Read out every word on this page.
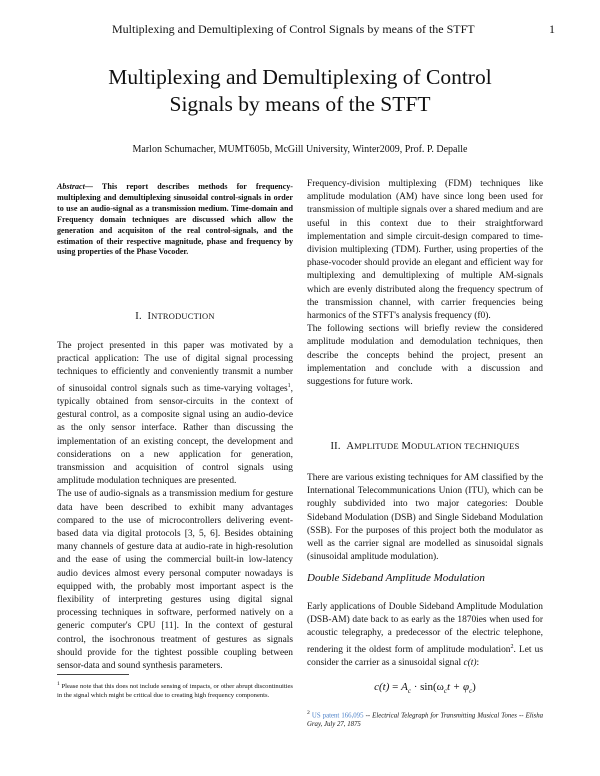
Multiplexing and Demultiplexing of Control Signals by means of the STFT	1
Multiplexing and Demultiplexing of Control
Signals by means of the STFT
Marlon Schumacher, MUMT605b, McGill University, Winter2009, Prof. P. Depalle
Abstract— This report describes methods for frequency-multiplexing and demultiplexing sinusoidal control-signals in order to use an audio-signal as a transmission medium. Time-domain and Frequency domain techniques are discussed which allow the generation and acquisiton of the real control-signals, and the estimation of their respective magnitude, phase and frequency by using properties of the Phase Vocoder.
I. INTRODUCTION

The project presented in this paper was motivated by a practical application: The use of digital signal processing techniques to efficiently and conveniently transmit a number of sinusoidal control signals such as time-varying voltages$^1$, typically obtained from sensor-circuits in the context of gestural control, as a composite signal using an audio-device as the only sensor interface. Rather than discussing the implementation of an existing concept, the development and considerations on a new application for generation, transmission and acquisition of control signals using amplitude modulation techniques are presented.

The use of audio-signals as a transmission medium for gesture data have been described to exhibit many advantages compared to the use of microcontrollers delivering event-based data via digital protocols [3, 5, 6]. Besides obtaining many channels of gesture data at audio-rate in high-resolution and the ease of using the commercial built-in low-latency audio devices almost every personal computer nowadays is equipped with, the probably most important aspect is the flexibility of interpreting gestures using digital signal processing techniques in software, performed natively on a generic computer's CPU [11]. In the context of gestural control, the isochronous treatment of gestures as signals should provide for the tightest possible coupling between sensor-data and sound synthesis parameters.

$^1$ Please note that this does not include sensing of impacts, or other abrupt discontinuities in the signal which might be critical due to creating high frequency components.

Frequency-division multiplexing (FDM) techniques like amplitude modulation (AM) have since long been used for transmission of multiple signals over a shared medium and are useful in this context due to their straightforward implementation and simple circuit-design compared to time-division multiplexing (TDM). Further, using properties of the phase-vocoder should provide an elegant and efficient way for multiplexing and demultiplexing of multiple AM-signals which are evenly distributed along the frequency spectrum of the transmission channel, with carrier frequencies being harmonics of the STFT's analysis frequency (f0).

The following sections will briefly review the considered amplitude modulation and demodulation techniques, then describe the concepts behind the project, present an implementation and conclude with a discussion and suggestions for future work.

II. AMPLITUDE MODULATION TECHNIQUES
There are various existing techniques for AM classified by the International Telecommunications Union (ITU), which can be roughly subdivided into two major categories: Double Sideband Modulation (DSB) and Single Sideband Modulation (SSB). For the purposes of this project both the modulator as well as the carrier signal are modelled as sinusoidal signals (sinusoidal amplitude modulation).
Double Sideband Amplitude Modulation
Early applications of Double Sideband Amplitude Modulation (DSB-AM) date back to as early as the 1870ies when used for acoustic telegraphy, a predecessor of the electric telephone, rendering it the oldest form of amplitude modulation$^2$. Let us consider the carrier as a sinusoidal signal c(t):
$c(t) = A_c \cdot \sin(\omega_ct + \varphi_c)$
$^2$ US patent 166,095 -- Electrical Telegraph for Transmitting Musical Tones -- Elisha Gray, July 27, 1875
